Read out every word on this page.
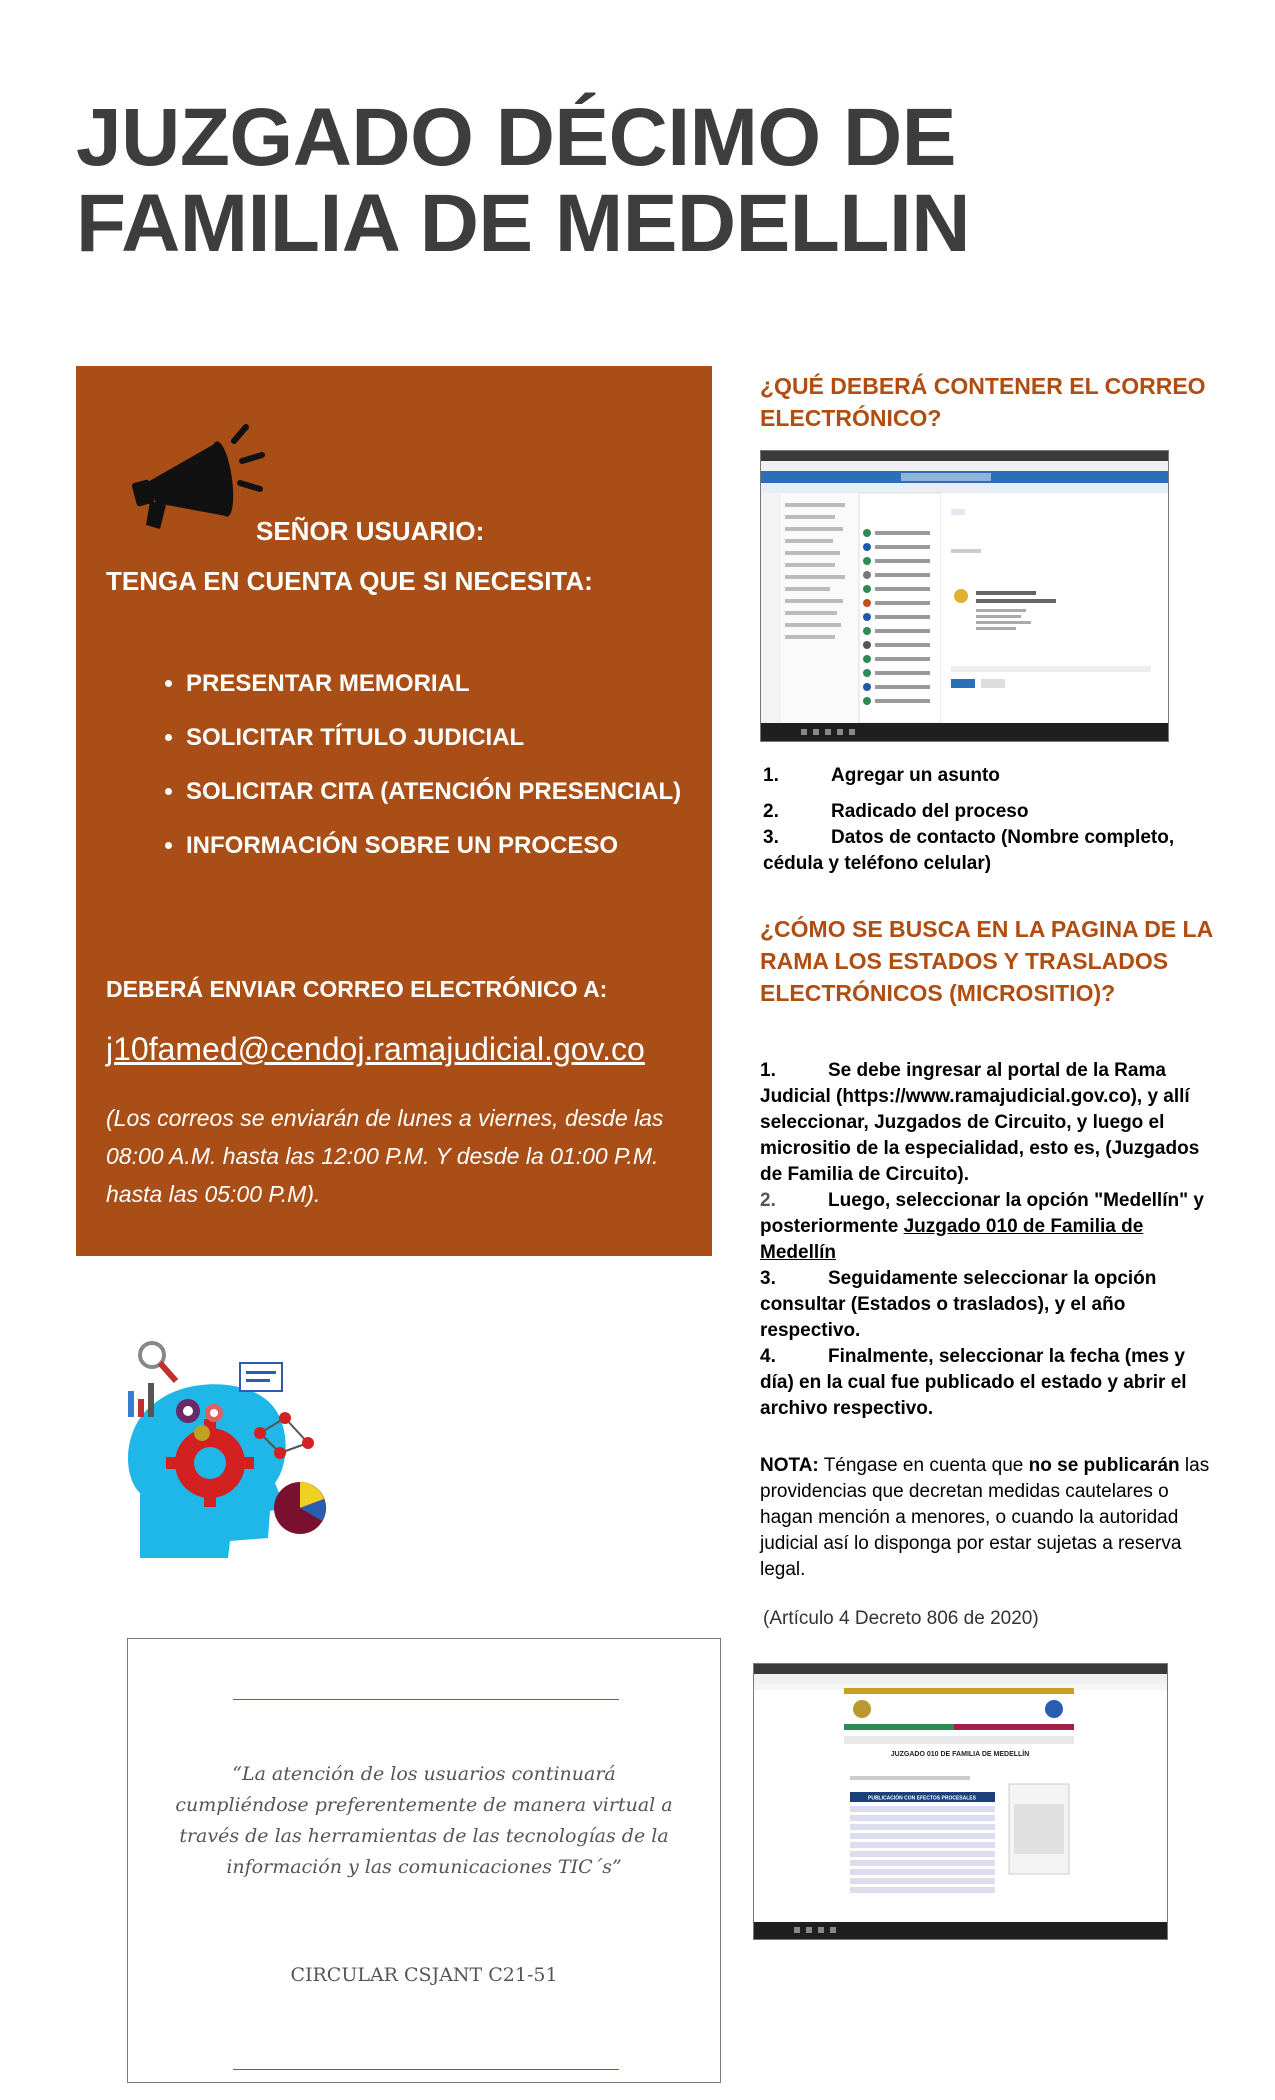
JUZGADO DÉCIMO DE FAMILIA DE MEDELLIN
SEÑOR USUARIO:
TENGA EN CUENTA QUE SI NECESITA:
• PRESENTAR MEMORIAL
• SOLICITAR TÍTULO JUDICIAL
• SOLICITAR CITA (ATENCIÓN PRESENCIAL)
• INFORMACIÓN SOBRE UN PROCESO
DEBERÁ ENVIAR CORREO ELECTRÓNICO A:
j10famed@cendoj.ramajudicial.gov.co
(Los correos se enviarán de lunes a viernes, desde las 08:00 A.M. hasta las 12:00 P.M. Y desde la 01:00 P.M. hasta las 05:00 P.M).
¿QUÉ DEBERÁ CONTENER EL CORREO ELECTRÓNICO?
1.	Agregar un asunto
2.	Radicado del proceso
3.	Datos de contacto (Nombre completo, cédula y teléfono celular)
¿CÓMO SE BUSCA EN LA PAGINA DE LA RAMA LOS ESTADOS Y TRASLADOS ELECTRÓNICOS (MICROSITIO)?
1.	Se debe ingresar al portal de la Rama Judicial (https://www.ramajudicial.gov.co), y allí seleccionar, Juzgados de Circuito, y luego el micrositio de la especialidad, esto es, (Juzgados de Familia de Circuito).
2.	Luego, seleccionar la opción "Medellín" y posteriormente Juzgado 010 de Familia de Medellín
3.	Seguidamente seleccionar la opción consultar (Estados o traslados), y el año respectivo.
4.	Finalmente, seleccionar la fecha (mes y día) en la cual fue publicado el estado y abrir el archivo respectivo.
NOTA: Téngase en cuenta que no se publicarán las providencias que decretan medidas cautelares o hagan mención a menores, o cuando la autoridad judicial así lo disponga por estar sujetas a reserva legal.
(Artículo 4 Decreto 806 de 2020)
JUZGADO 010 DE FAMILIA DE MEDELLÍN
PUBLICACIÓN CON EFECTOS PROCESALES
“La atención de los usuarios continuará cumpliéndose preferentemente de manera virtual a través de las herramientas de las tecnologías de la información y las comunicaciones TIC´s”
CIRCULAR CSJANT C21-51
